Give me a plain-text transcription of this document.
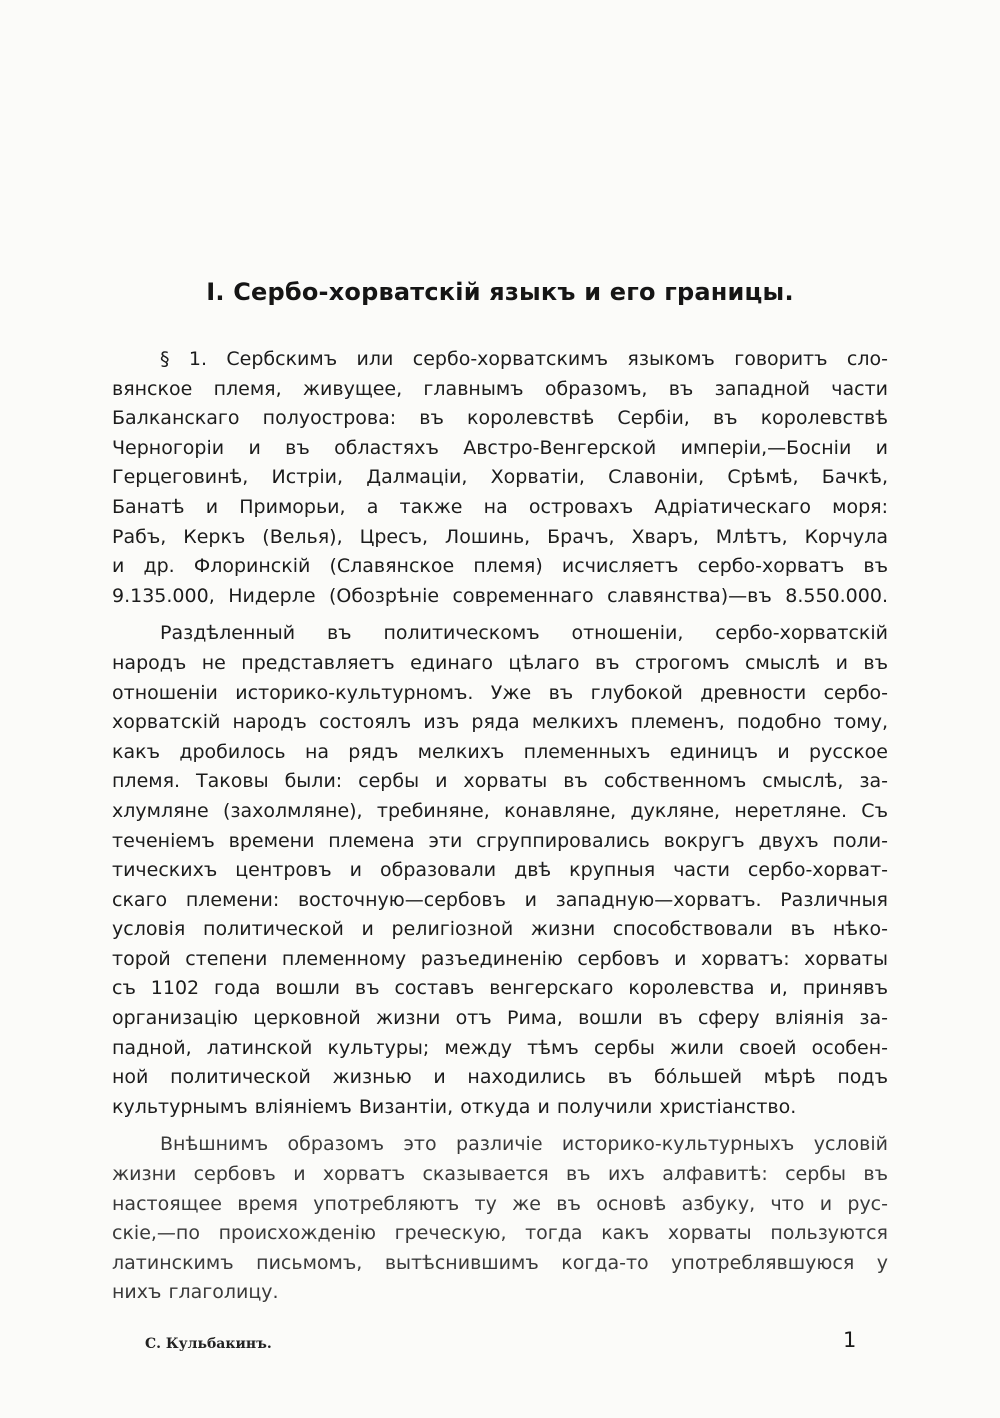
I. Сербо-хорватскій языкъ и его границы.
§ 1. Сербскимъ или сербо-хорватскимъ языкомъ говоритъ сло-
вянское племя, живущее, главнымъ образомъ, въ западной части
Балканскаго полуострова: въ королевствѣ Сербіи, въ королевствѣ
Черногоріи и въ областяхъ Австро-Венгерской имперіи,—Босніи и
Герцеговинѣ, Истріи, Далмаціи, Хорватіи, Славоніи, Срѣмѣ, Бачкѣ,
Банатѣ и Приморьи, а также на островахъ Адріатическаго моря:
Рабъ, Керкъ (Велья), Цресъ, Лошинь, Брачъ, Хваръ, Млѣтъ, Корчула
и др. Флоринскій (Славянское племя) исчисляетъ сербо-хорватъ въ
9.135.000, Нидерле (Обозрѣніе современнаго славянства)—въ 8.550.000.
Раздѣленный въ политическомъ отношеніи, сербо-хорватскій
народъ не представляетъ единаго цѣлаго въ строгомъ смыслѣ и въ
отношеніи историко-культурномъ. Уже въ глубокой древности сербо-
хорватскій народъ состоялъ изъ ряда мелкихъ племенъ, подобно тому,
какъ дробилось на рядъ мелкихъ племенныхъ единицъ и русское
племя. Таковы были: сербы и хорваты въ собственномъ смыслѣ, за-
хлумляне (захолмляне), требиняне, конавляне, дукляне, неретляне. Съ
теченіемъ времени племена эти сгруппировались вокругъ двухъ поли-
тическихъ центровъ и образовали двѣ крупныя части сербо-хорват-
скаго племени: восточную—сербовъ и западную—хорватъ. Различныя
условія политической и религіозной жизни способствовали въ нѣко-
торой степени племенному разъединенію сербовъ и хорватъ: хорваты
съ 1102 года вошли въ составъ венгерскаго королевства и, принявъ
организацію церковной жизни отъ Рима, вошли въ сферу вліянія за-
падной, латинской культуры; между тѣмъ сербы жили своей особен-
ной политической жизнью и находились въ бо́льшей мѣрѣ подъ
культурнымъ вліяніемъ Византіи, откуда и получили христіанство.
Внѣшнимъ образомъ это различіе историко-культурныхъ условій
жизни сербовъ и хорватъ сказывается въ ихъ алфавитѣ: сербы въ
настоящее время употребляютъ ту же въ основѣ азбуку, что и рус-
скіе,—по происхожденію греческую, тогда какъ хорваты пользуются
латинскимъ письмомъ, вытѣснившимъ когда-то употреблявшуюся у
нихъ глаголицу.
С. Кульбакинъ.	1
